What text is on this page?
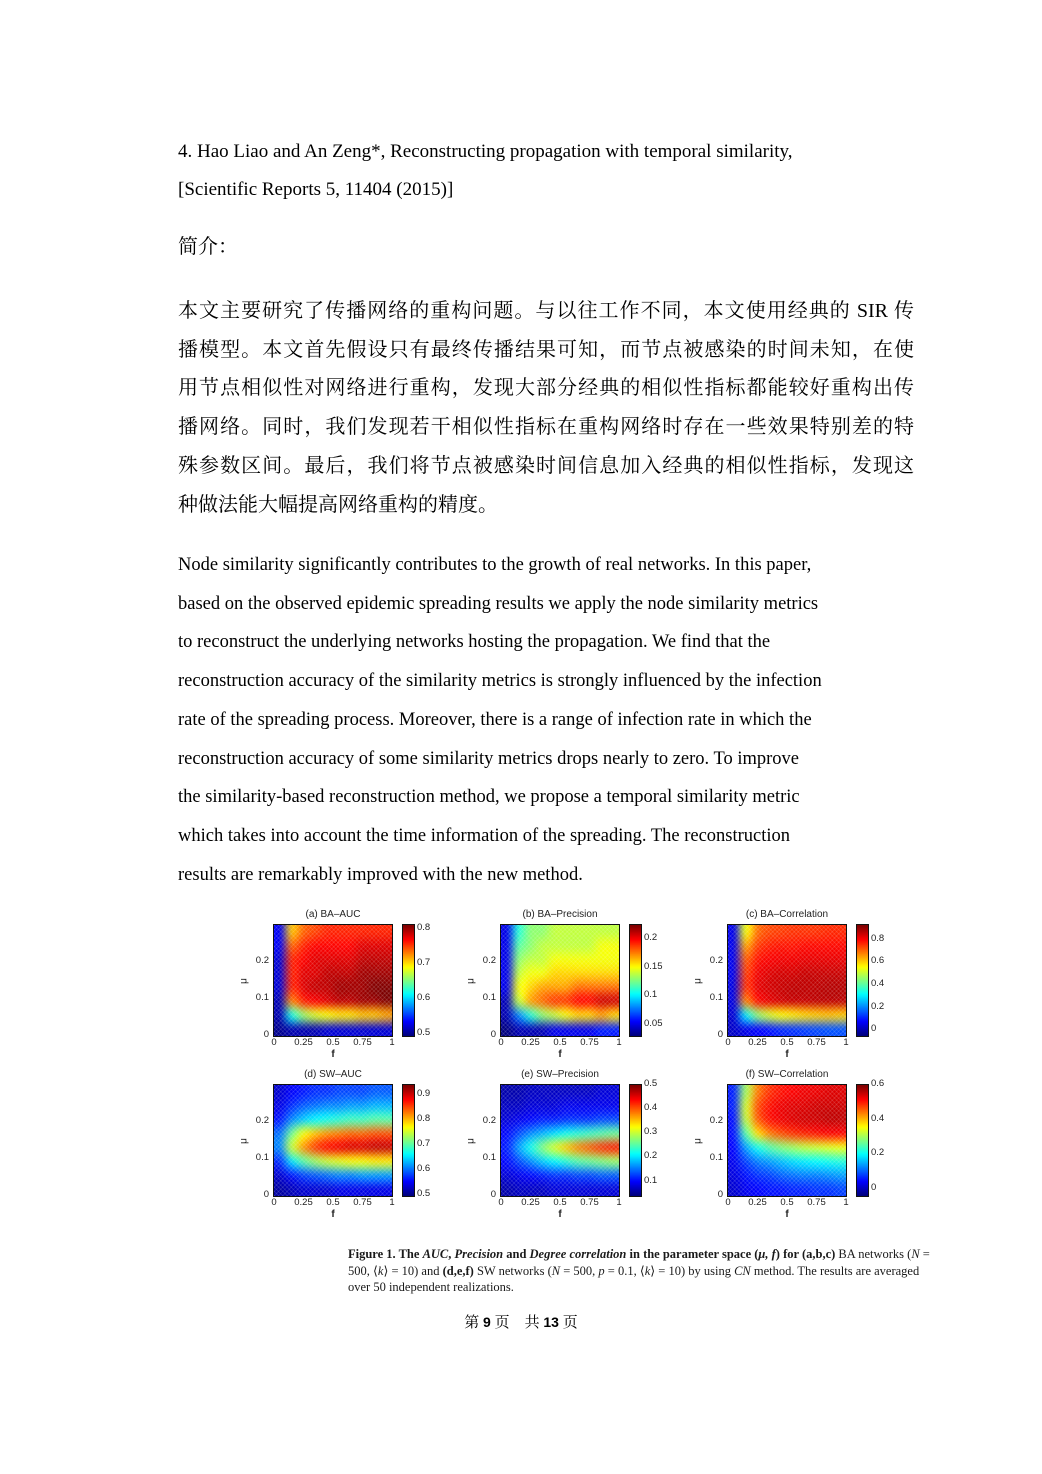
4. Hao Liao and An Zeng*, Reconstructing propagation with temporal similarity,
[Scientific Reports 5, 11404 (2015)]
简介：
本文主要研究了传播网络的重构问题。与以往工作不同，本文使用经典的 SIR 传
播模型。本文首先假设只有最终传播结果可知，而节点被感染的时间未知，在使
用节点相似性对网络进行重构，发现大部分经典的相似性指标都能较好重构出传
播网络。同时，我们发现若干相似性指标在重构网络时存在一些效果特别差的特
殊参数区间。最后，我们将节点被感染时间信息加入经典的相似性指标，发现这
种做法能大幅提高网络重构的精度。
Node similarity significantly contributes to the growth of real networks. In this paper,
based on the observed epidemic spreading results we apply the node similarity metrics
to reconstruct the underlying networks hosting the propagation. We find that the
reconstruction accuracy of the similarity metrics is strongly influenced by the infection
rate of the spreading process. Moreover, there is a range of infection rate in which the
reconstruction accuracy of some similarity metrics drops nearly to zero. To improve
the similarity-based reconstruction method, we propose a temporal similarity metric
which takes into account the time information of the spreading. The reconstruction
results are remarkably improved with the new method.
(a) BA–AUC
μ
0.2
0.1
0
0.8
0.7
0.6
0.5
0 0.25 0.5 0.75 1
f
(b) BA–Precision
μ
0.2
0.1
0
0.2
0.15
0.1
0.05
0 0.25 0.5 0.75 1
f
(c) BA–Correlation
μ
0.2
0.1
0
0.8
0.6
0.4
0.2
0
0 0.25 0.5 0.75 1
f
(d) SW–AUC
μ
0.2
0.1
0
0.9
0.8
0.7
0.6
0.5
0 0.25 0.5 0.75 1
f
(e) SW–Precision
μ
0.2
0.1
0
0.5
0.4
0.3
0.2
0.1
0 0.25 0.5 0.75 1
f
(f) SW–Correlation
μ
0.2
0.1
0
0.6
0.4
0.2
0
0 0.25 0.5 0.75 1
f
Figure 1. The AUC, Precision and Degree correlation in the parameter space (μ, f) for (a,b,c) BA networks (N = 500, ⟨k⟩ = 10) and (d,e,f) SW networks (N = 500, p = 0.1, ⟨k⟩ = 10) by using CN method. The results are averaged over 50 independent realizations.
第 9 页  共 13 页
